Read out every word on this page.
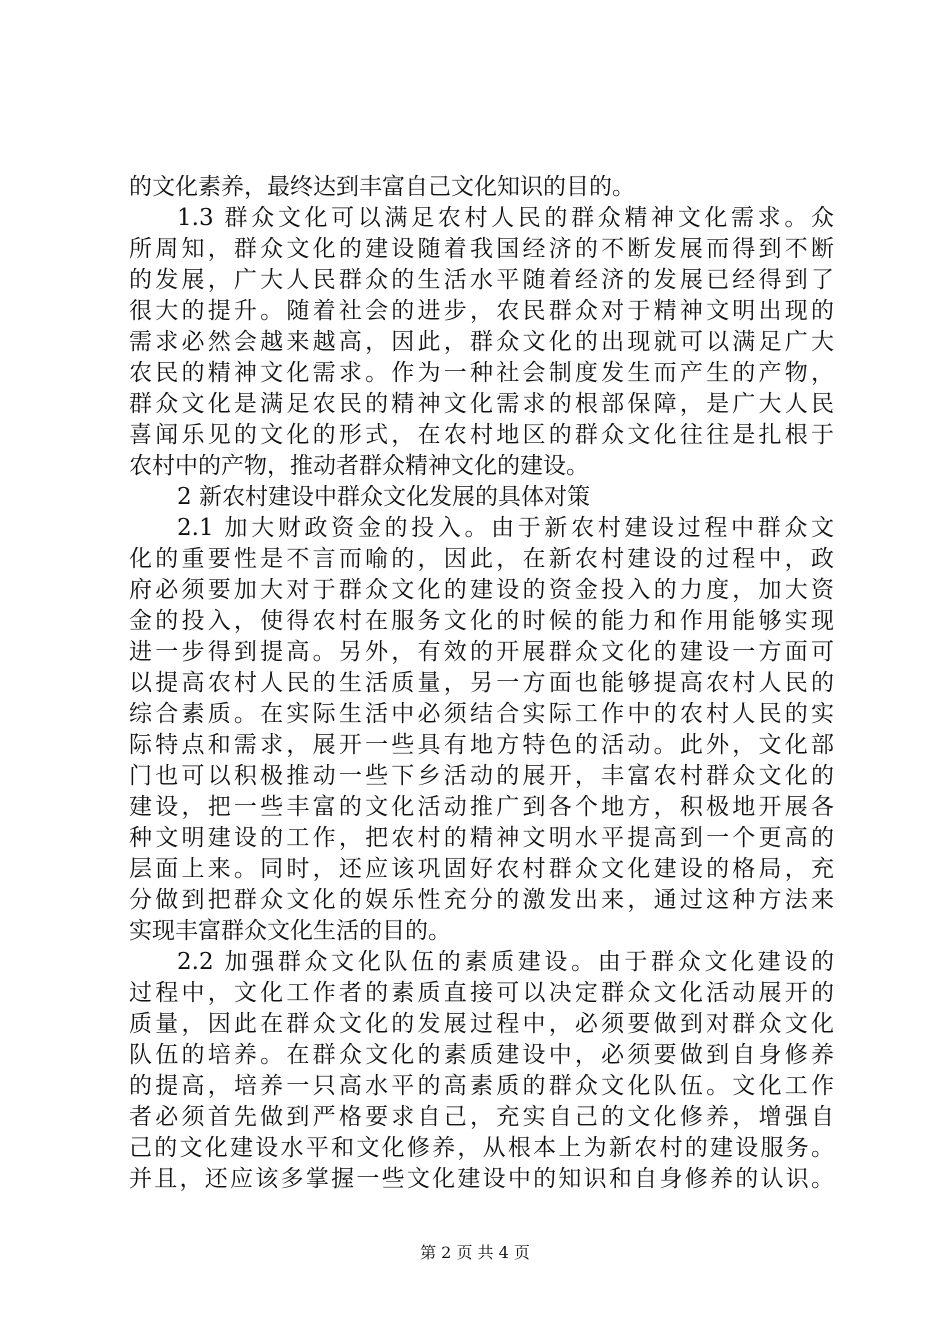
的文化素养，最终达到丰富自己文化知识的目的。
1.3 群众文化可以满足农村人民的群众精神文化需求。众
所周知，群众文化的建设随着我国经济的不断发展而得到不断
的发展，广大人民群众的生活水平随着经济的发展已经得到了
很大的提升。随着社会的进步，农民群众对于精神文明出现的
需求必然会越来越高，因此，群众文化的出现就可以满足广大
农民的精神文化需求。作为一种社会制度发生而产生的产物，
群众文化是满足农民的精神文化需求的根部保障，是广大人民
喜闻乐见的文化的形式，在农村地区的群众文化往往是扎根于
农村中的产物，推动者群众精神文化的建设。
2 新农村建设中群众文化发展的具体对策
2.1 加大财政资金的投入。由于新农村建设过程中群众文
化的重要性是不言而喻的，因此，在新农村建设的过程中，政
府必须要加大对于群众文化的建设的资金投入的力度，加大资
金的投入，使得农村在服务文化的时候的能力和作用能够实现
进一步得到提高。另外，有效的开展群众文化的建设一方面可
以提高农村人民的生活质量，另一方面也能够提高农村人民的
综合素质。在实际生活中必须结合实际工作中的农村人民的实
际特点和需求，展开一些具有地方特色的活动。此外，文化部
门也可以积极推动一些下乡活动的展开，丰富农村群众文化的
建设，把一些丰富的文化活动推广到各个地方，积极地开展各
种文明建设的工作，把农村的精神文明水平提高到一个更高的
层面上来。同时，还应该巩固好农村群众文化建设的格局，充
分做到把群众文化的娱乐性充分的激发出来，通过这种方法来
实现丰富群众文化生活的目的。
2.2 加强群众文化队伍的素质建设。由于群众文化建设的
过程中，文化工作者的素质直接可以决定群众文化活动展开的
质量，因此在群众文化的发展过程中，必须要做到对群众文化
队伍的培养。在群众文化的素质建设中，必须要做到自身修养
的提高，培养一只高水平的高素质的群众文化队伍。文化工作
者必须首先做到严格要求自己，充实自己的文化修养，增强自
己的文化建设水平和文化修养，从根本上为新农村的建设服务。
并且，还应该多掌握一些文化建设中的知识和自身修养的认识。
第 2 页 共 4 页
